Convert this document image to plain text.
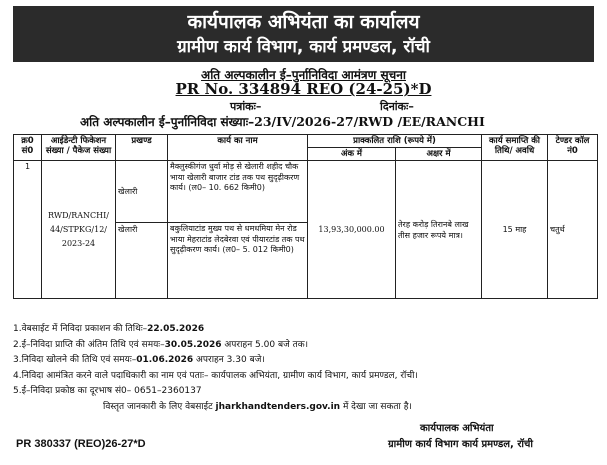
कार्यपालक अभियंता का कार्यालय
ग्रामीण कार्य विभाग, कार्य प्रमण्डल, रॉची
अति अल्पकालीन ई–पुर्नानिविदा आमंत्रण सूचना
PR No. 334894 REO (24-25)*D
पत्रांकः–	दिनांकः–
अति अल्पकालीन ई–पुर्नानिविदा संख्याः–23/IV/2026-27/RWD /EE/RANCHI
क्र0 सं0	आईडेन्टी फिकेशन संख्या / पैकेज संख्या	प्रखण्ड	कार्य का नाम	प्राक्कलित राशि (रूपये में)		कार्य समाप्ति की तिथि/ अवधि	टेण्डर कॉल नं0
				अंक में	अक्षर में		
1	RWD/RANCHI/ 44/STPKG/12/ 2023-24	खेलारी	मैक्लुस्कीगंज धुर्वा मोड़ से खेलारी शहीद चौक भाया खेलारी बाजार टांड तक पथ सुदृढ़ीकरण कार्य। (ल0– 10. 662 किमी0)	13,93,30,000.00	तेरह करोड़ तिरानबे लाख तीस हजार रूपये मात्र।	15 माह	चतुर्थ
		खेलारी	बकुलियाटांड मुख्य पथ से धमधमिया मेन रोड भाया मेहराटांड लेदबेरवा एवं पीयारटांड तक पथ सुदृढ़ीकरण कार्य। (ल0– 5. 012 किमी0)				
1.वेबसाईट में निविदा प्रकाशन की तिथिः–22.05.2026
2.ई–निविदा प्राप्ति की अंतिम तिथि एवं समयः–30.05.2026 अपराहन 5.00 बजे तक।
3.निविदा खोलने की तिथि एवं समयः–01.06.2026 अपराहन 3.30 बजे।
4.निविदा आमंत्रित करने वाले पदाधिकारी का नाम एवं पताः– कार्यपालक अभियंता, ग्रामीण कार्य विभाग, कार्य प्रमण्डल, रॉची।
5.ई–निविदा प्रकोष्ठ का दूरभाष सं0– 0651–2360137
विस्तृत जानकारी के लिए वेबसाईट jharkhandtenders.gov.in में देखा जा सकता है।
कार्यपालक अभियंता
ग्रामीण कार्य विभाग कार्य प्रमण्डल, रॉची
PR 380337 (REO)26-27*D
